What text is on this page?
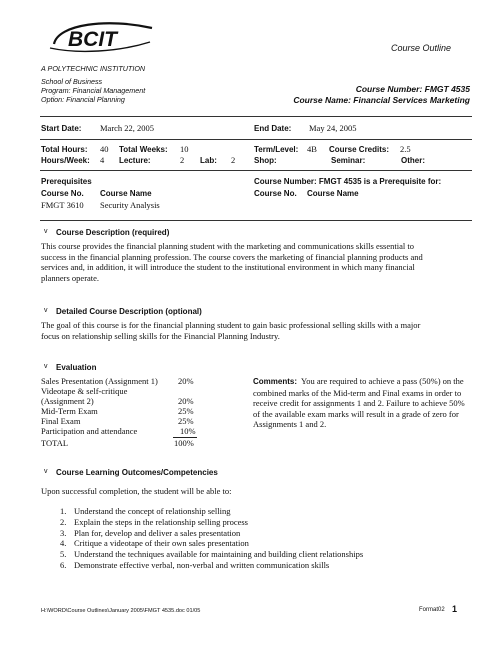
BCIT	Course Outline
A POLYTECHNIC INSTITUTION
School of Business
Program: Financial Management
Option: Financial Planning
Course Number: FMGT 4535
Course Name: Financial Services Marketing
Start Date: March 22, 2005	End Date: May 24, 2005
Total Hours: 40 Total Weeks: 10	Term/Level: 4B Course Credits: 2.5
Hours/Week: 4 Lecture:	2 Lab: 2 Shop:	Seminar:	Other:
Prerequisites
Course No. Course Name
FMGT 3610 Security Analysis
Course Number: FMGT 4535 is a Prerequisite for:
Course No. Course Name
v Course Description (required)
This course provides the financial planning student with the marketing and communications skills essential to
success in the financial planning profession. The course covers the marketing of financial planning products and
services and, in addition, it will introduce the student to the institutional environment in which many financial
planners operate.
v Detailed Course Description (optional)
The goal of this course is for the financial planning student to gain basic professional selling skills with a major
focus on relationship selling skills for the Financial Planning Industry.
v Evaluation
Sales Presentation (Assignment 1) 20%
Videotape & self-critique
(Assignment 2)	20%
Mid-Term Exam	25%
Final Exam	25%
Participation and attendance	10%
TOTAL	100%
Comments: You are required to achieve a pass (50%) on the
combined marks of the Mid-term and Final exams in order to
receive credit for assignments 1 and 2. Failure to achieve 50%
of the available exam marks will result in a grade of zero for
Assignments 1 and 2.
v Course Learning Outcomes/Competencies
Upon successful completion, the student will be able to:
1. Understand the concept of relationship selling
2. Explain the steps in the relationship selling process
3. Plan for, develop and deliver a sales presentation
4. Critique a videotape of their own sales presentation
5. Understand the techniques available for maintaining and building client relationships
6. Demonstrate effective verbal, non-verbal and written communication skills
H:\WORD\Course Outlines\January 2005\FMGT 4535.doc 01/05	Format02 1
